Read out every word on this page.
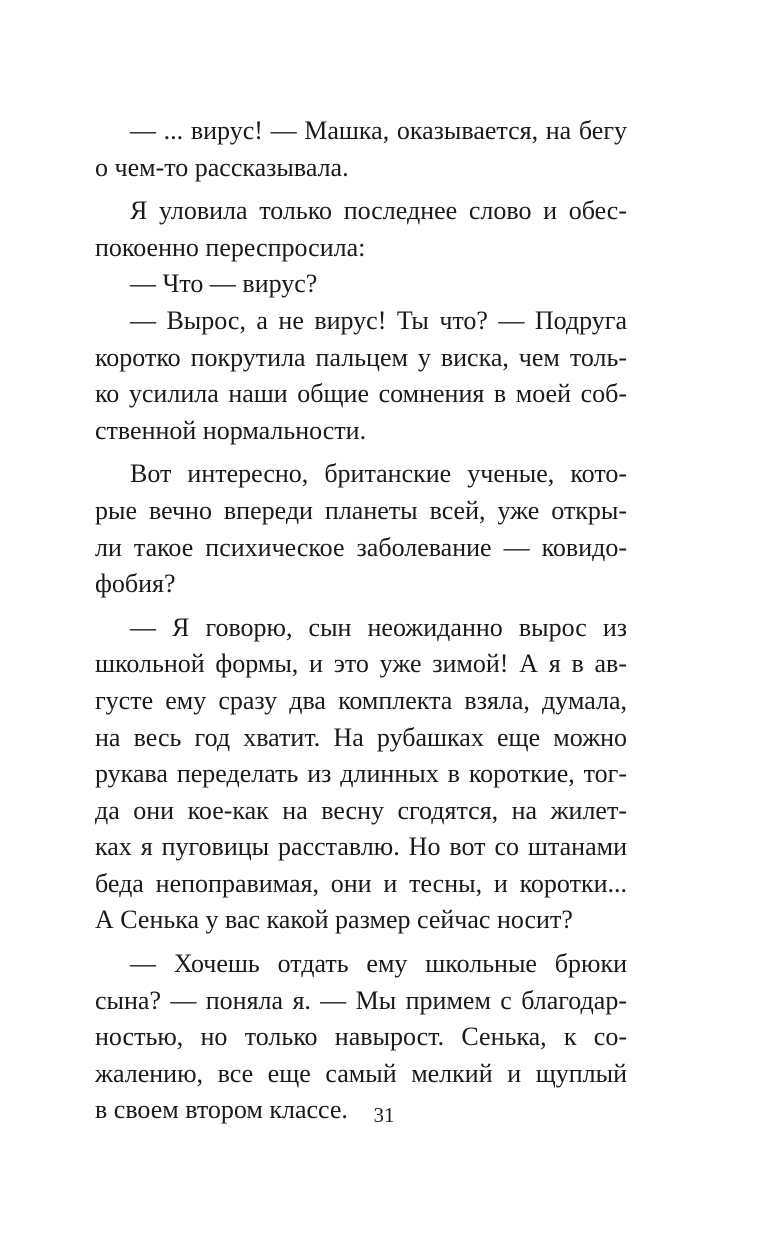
— ... вирус! — Машка, оказывается, на бегу
о чем-то рассказывала.
Я уловила только последнее слово и обес-
покоенно переспросила:
— Что — вирус?
— Вырос, а не вирус! Ты что? — Подруга
коротко покрутила пальцем у виска, чем толь-
ко усилила наши общие сомнения в моей соб-
ственной нормальности.
Вот интересно, британские ученые, кото-
рые вечно впереди планеты всей, уже откры-
ли такое психическое заболевание — ковидо-
фобия?
— Я говорю, сын неожиданно вырос из
школьной формы, и это уже зимой! А я в ав-
густе ему сразу два комплекта взяла, думала,
на весь год хватит. На рубашках еще можно
рукава переделать из длинных в короткие, тог-
да они кое-как на весну сгодятся, на жилет-
ках я пуговицы расставлю. Но вот со штанами
беда непоправимая, они и тесны, и коротки...
А Сенька у вас какой размер сейчас носит?
— Хочешь отдать ему школьные брюки
сына? — поняла я. — Мы примем с благодар-
ностью, но только навырост. Сенька, к со-
жалению, все еще самый мелкий и щуплый
в своем втором классе.	31
